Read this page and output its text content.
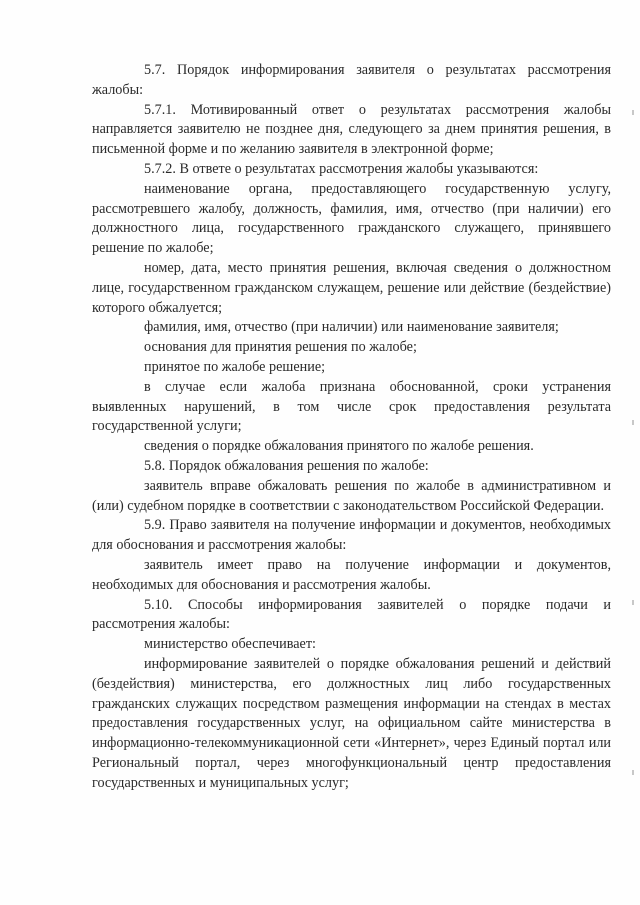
5.7. Порядок информирования заявителя о результатах рассмотрения жалобы:

5.7.1. Мотивированный ответ о результатах рассмотрения жалобы направляется заявителю не позднее дня, следующего за днем принятия решения, в письменной форме и по желанию заявителя в электронной форме;

5.7.2. В ответе о результатах рассмотрения жалобы указываются:

наименование органа, предоставляющего государственную услугу, рассмотревшего жалобу, должность, фамилия, имя, отчество (при наличии) его должностного лица, государственного гражданского служащего, принявшего решение по жалобе;

номер, дата, место принятия решения, включая сведения о должностном лице, государственном гражданском служащем, решение или действие (бездействие) которого обжалуется;

фамилия, имя, отчество (при наличии) или наименование заявителя;

основания для принятия решения по жалобе;

принятое по жалобе решение;

в случае если жалоба признана обоснованной, сроки устранения выявленных нарушений, в том числе срок предоставления результата государственной услуги;

сведения о порядке обжалования принятого по жалобе решения.

5.8. Порядок обжалования решения по жалобе:

заявитель вправе обжаловать решения по жалобе в административном и (или) судебном порядке в соответствии с законодательством Российской Федерации.

5.9. Право заявителя на получение информации и документов, необходимых для обоснования и рассмотрения жалобы:

заявитель имеет право на получение информации и документов, необходимых для обоснования и рассмотрения жалобы.

5.10. Способы информирования заявителей о порядке подачи и рассмотрения жалобы:

министерство обеспечивает:

информирование заявителей о порядке обжалования решений и действий (бездействия) министерства, его должностных лиц либо государственных гражданских служащих посредством размещения информации на стендах в местах предоставления государственных услуг, на официальном сайте министерства в информационно-телекоммуникационной сети «Интернет», через Единый портал или Региональный портал, через многофункциональный центр предоставления государственных и муниципальных услуг;
